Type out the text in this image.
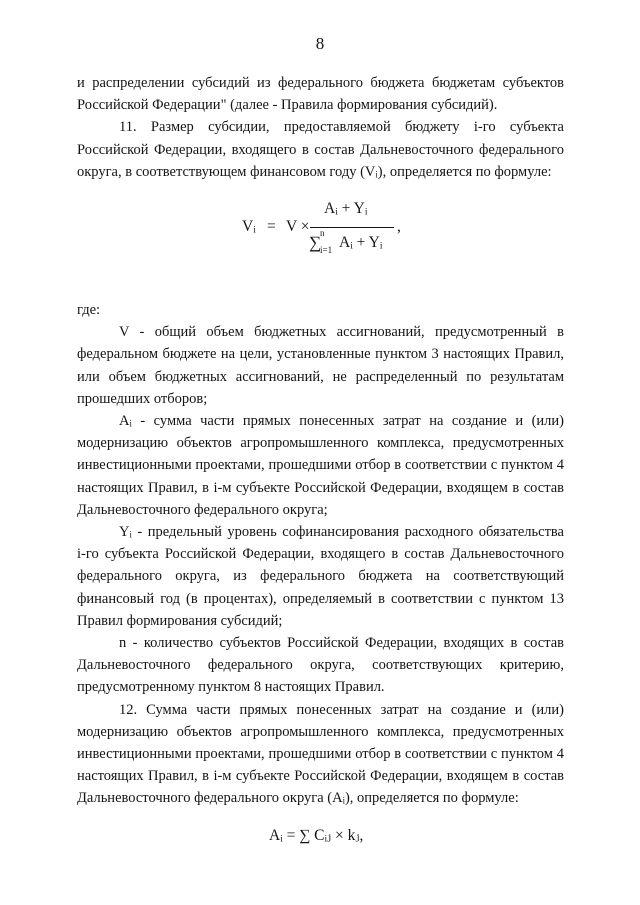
8

и распределении субсидий из федерального бюджета бюджетам субъектов Российской Федерации" (далее - Правила формирования субсидий).

11. Размер субсидии, предоставляемой бюджету i-го субъекта Российской Федерации, входящего в состав Дальневосточного федерального округа, в соответствующем финансовом году (Vᵢ), определяется по формуле:

Vᵢ = V ×
Aᵢ + Yᵢ
∑
n
i=1 Aᵢ + Yᵢ
,

где:

V - общий объем бюджетных ассигнований, предусмотренный в федеральном бюджете на цели, установленные пунктом 3 настоящих Правил, или объем бюджетных ассигнований, не распределенный по результатам прошедших отборов;

Aᵢ - сумма части прямых понесенных затрат на создание и (или) модернизацию объектов агропромышленного комплекса, предусмотренных инвестиционными проектами, прошедшими отбор в соответствии с пунктом 4 настоящих Правил, в i-м субъекте Российской Федерации, входящем в состав Дальневосточного федерального округа;

Yᵢ - предельный уровень софинансирования расходного обязательства i-го субъекта Российской Федерации, входящего в состав Дальневосточного федерального округа, из федерального бюджета на соответствующий финансовый год (в процентах), определяемый в соответствии с пунктом 13 Правил формирования субсидий;

n - количество субъектов Российской Федерации, входящих в состав Дальневосточного федерального округа, соответствующих критерию, предусмотренному пунктом 8 настоящих Правил.

12. Сумма части прямых понесенных затрат на создание и (или) модернизацию объектов агропромышленного комплекса, предусмотренных инвестиционными проектами, прошедшими отбор в соответствии с пунктом 4 настоящих Правил, в i-м субъекте Российской Федерации, входящем в состав Дальневосточного федерального округа (Aᵢ), определяется по формуле:

Aᵢ = ∑ Cᵢⱼ × kⱼ,
